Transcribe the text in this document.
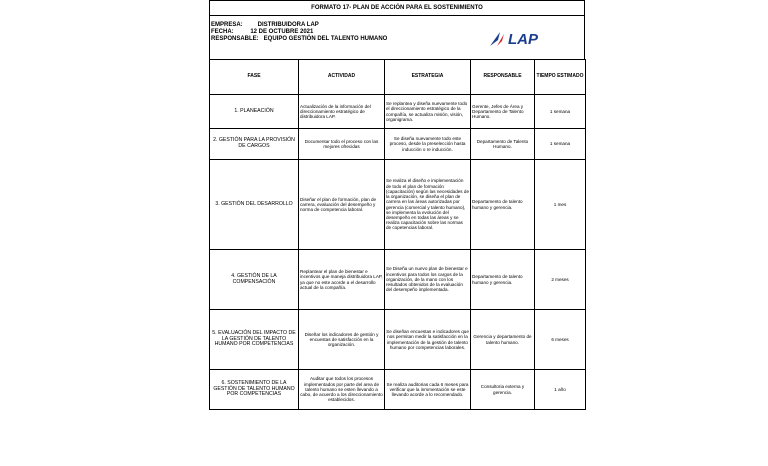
FORMATO 17- PLAN DE ACCIÓN PARA EL SOSTENIMIENTO
EMPRESA:         DISTRIBUIDORA LAP
FECHA:          12 DE OCTUBRE 2021
RESPONSABLE:   EQUIPO GESTIÓN DEL TALENTO HUMANO	LAP
FASE	ACTIVIDAD	ESTRATEGIA	RESPONSABLE	TIEMPO ESTIMADO
1. PLANEACIÓN	Actualización de la información del direccionamiento estratégico de distribuidora LAP.	Se replantea y diseña nuevamente todo el direccionamiento estratégico de la compañía, se actualiza misión, visión, organigrama.	Gerente, Jefes de Área y Departamento de Talento Humano.	1 semana
2. GESTIÓN PARA LA PROVISIÓN DE CARGOS	Documentar todo el proceso con las mejores ofrecidas	Se diseña nuevamente todo este proceso, desde la preselección hasta inducción o re inducción.	Departamento de Talento Humano.	1 semana
3. GESTIÓN DEL DESARROLLO	Diseñar el plan de formación, plan de carrera, evaluación del desempeño y norma de competencia laboral.	Se realiza el diseño e implementación de todo el plan de formación (capacitación) según las necesidades de la organización, se diseña el plan de carrera en las áreas autorizadas por gerencia (comercial y talento humano), se implementa la evolución del desempeño en todas las áreas y se realiza capacitación sobre las normas de copetencias laboral.	Departamento de talento humano y gerencia.	1 mes
4. GESTIÓN DE LA COMPENSACIÓN	Replantear el plan de bienestar e incentivos que maneja distribuidora LAP, ya que no este acorde a el desarrollo actual de la compañía.	Se Diseña un nuevo plan de bienestar e incentivos para todos los cargos de la organización, de la mano con los resultados obtenidos de la evaluación del desempeño implementada.	Departamento de talento humano y gerencia.	2 meses
5. EVALUACIÓN DEL IMPACTO DE LA GESTIÓN DE TALENTO HUMANO POR COMPETENCIAS	Diseñar los indicadores de gestión y encuestas de satisfacción en la organización.	Se diseñan encuestas e indicadores que nos permitan medir la satisfacción en la implementación de la gestión de talento humano por competencias laborales.	Gerencia y departamento de talento humano.	6 meses
6. SOSTENIMIENTO DE LA GESTIÓN DE TALENTO HUMANO POR COMPETENCIAS	Auditar que todos los procesos implementados por parte del area de talento humano se esten llevando a cabo, de acuerdo a los direccionamiento establecidos.	Se realiza auditorias cada 6 meses para verificar que la inmmentación se este llevando acorde a lo recomendado.	Consultoria externa y gerencia.	1 año
